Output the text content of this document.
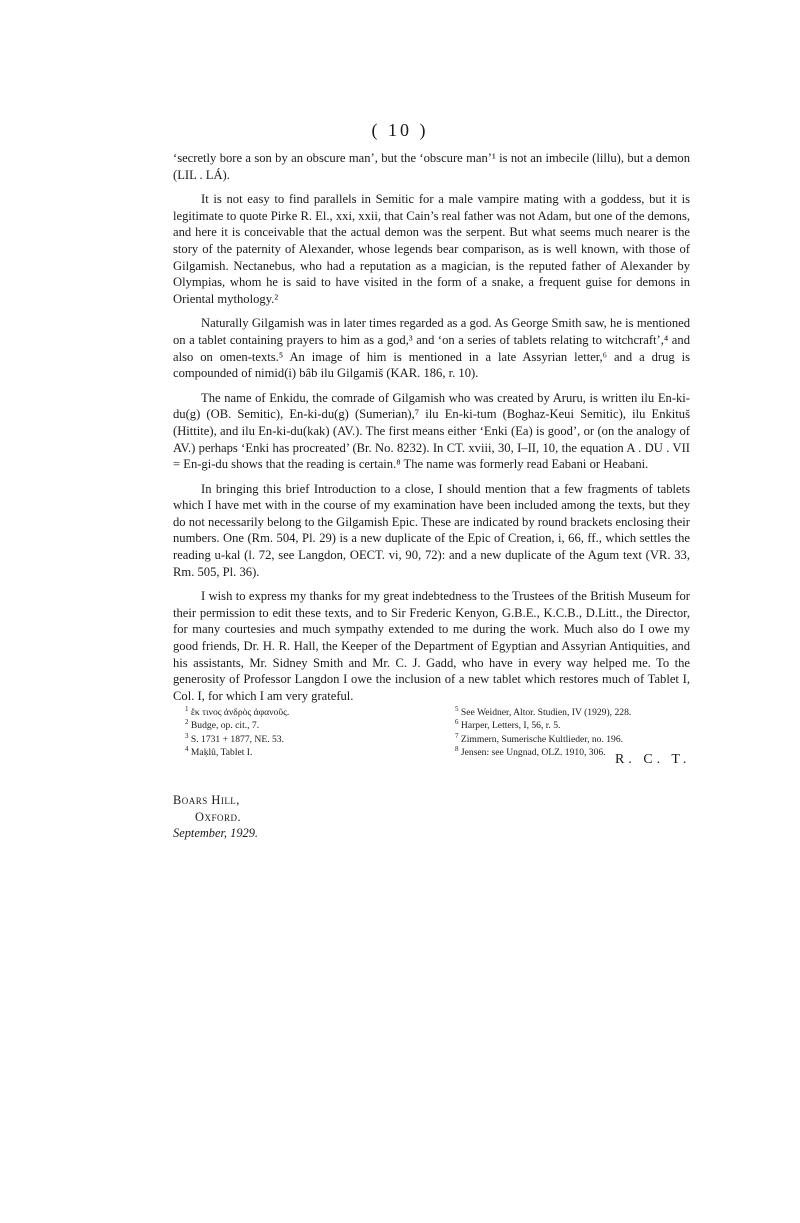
( 10 )

‘secretly bore a son by an obscure man’, but the ‘obscure man’¹ is not an imbecile (lillu), but a demon (LIL . LÁ).

It is not easy to find parallels in Semitic for a male vampire mating with a goddess, but it is legitimate to quote Pirke R. El., xxi, xxii, that Cain’s real father was not Adam, but one of the demons, and here it is conceivable that the actual demon was the serpent. But what seems much nearer is the story of the paternity of Alexander, whose legends bear comparison, as is well known, with those of Gilgamish. Nectanebus, who had a reputation as a magician, is the reputed father of Alexander by Olympias, whom he is said to have visited in the form of a snake, a frequent guise for demons in Oriental mythology.²

Naturally Gilgamish was in later times regarded as a god. As George Smith saw, he is mentioned on a tablet containing prayers to him as a god,³ and ‘on a series of tablets relating to witchcraft’,⁴ and also on omen-texts.⁵ An image of him is mentioned in a late Assyrian letter,⁶ and a drug is compounded of nimid(i) bâb ilu Gilgamiš (KAR. 186, r. 10).

The name of Enkidu, the comrade of Gilgamish who was created by Aruru, is written ilu En-ki-du(g) (OB. Semitic), En-ki-du(g) (Sumerian),⁷ ilu En-ki-tum (Boghaz-Keui Semitic), ilu Enkituš (Hittite), and ilu En-ki-du(kak) (AV.). The first means either ‘Enki (Ea) is good’, or (on the analogy of AV.) perhaps ‘Enki has procreated’ (Br. No. 8232). In CT. xviii, 30, I–II, 10, the equation A . DU . VII = En-gi-du shows that the reading is certain.⁸ The name was formerly read Eabani or Heabani.

In bringing this brief Introduction to a close, I should mention that a few fragments of tablets which I have met with in the course of my examination have been included among the texts, but they do not necessarily belong to the Gilgamish Epic. These are indicated by round brackets enclosing their numbers. One (Rm. 504, Pl. 29) is a new duplicate of the Epic of Creation, i, 66, ff., which settles the reading u-kal (l. 72, see Langdon, OECT. vi, 90, 72): and a new duplicate of the Agum text (VR. 33, Rm. 505, Pl. 36).

I wish to express my thanks for my great indebtedness to the Trustees of the British Museum for their permission to edit these texts, and to Sir Frederic Kenyon, G.B.E., K.C.B., D.Litt., the Director, for many courtesies and much sympathy extended to me during the work. Much also do I owe my good friends, Dr. H. R. Hall, the Keeper of the Department of Egyptian and Assyrian Antiquities, and his assistants, Mr. Sidney Smith and Mr. C. J. Gadd, who have in every way helped me. To the generosity of Professor Langdon I owe the inclusion of a new tablet which restores much of Tablet I, Col. I, for which I am very grateful.

$^1$ ἔκ τινος ἀνδρὸς ἀφανοῦς.
$^2$ Budge, op. cit., 7.
$^3$ S. 1731 + 1877, NE. 53.
$^4$ Maḳlû, Tablet I.
$^5$ See Weidner, Altor. Studien, IV (1929), 228.
$^6$ Harper, Letters, I, 56, r. 5.
$^7$ Zimmern, Sumerische Kultlieder, no. 196.
$^8$ Jensen: see Ungnad, OLZ. 1910, 306. R. C. T.
Boars Hill,
Oxford.
September, 1929.
